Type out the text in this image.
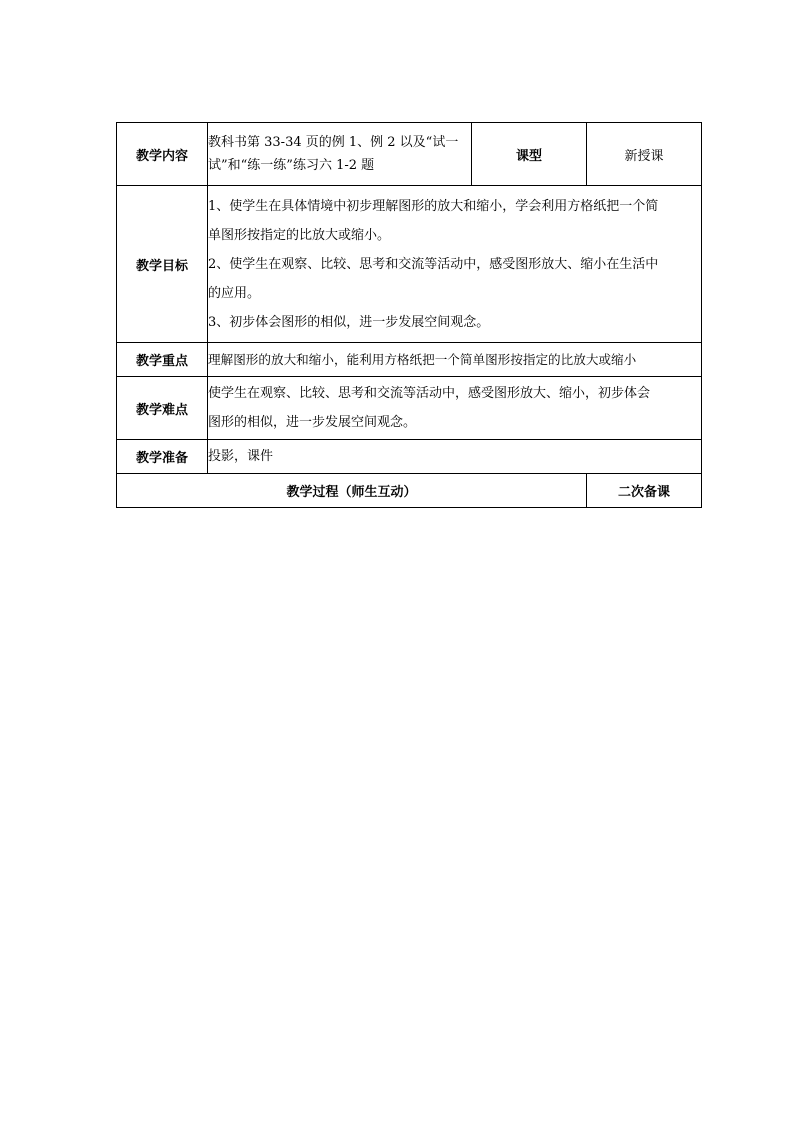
教学内容	教科书第 33-34 页的例 1、例 2 以及“试一
试”和“练一练”练习六 1-2 题	课型	新授课
教学目标	1、使学生在具体情境中初步理解图形的放大和缩小，学会利用方格纸把一个简
单图形按指定的比放大或缩小。
2、使学生在观察、比较、思考和交流等活动中，感受图形放大、缩小在生活中
的应用。
3、初步体会图形的相似，进一步发展空间观念。		

教学重点	理解图形的放大和缩小，能利用方格纸把一个简单图形按指定的比放大或缩小		
教学难点	使学生在观察、比较、思考和交流等活动中，感受图形放大、缩小，初步体会
图形的相似，进一步发展空间观念。		

教学准备	投影，课件		
教学过程（师生互动）			二次备课
